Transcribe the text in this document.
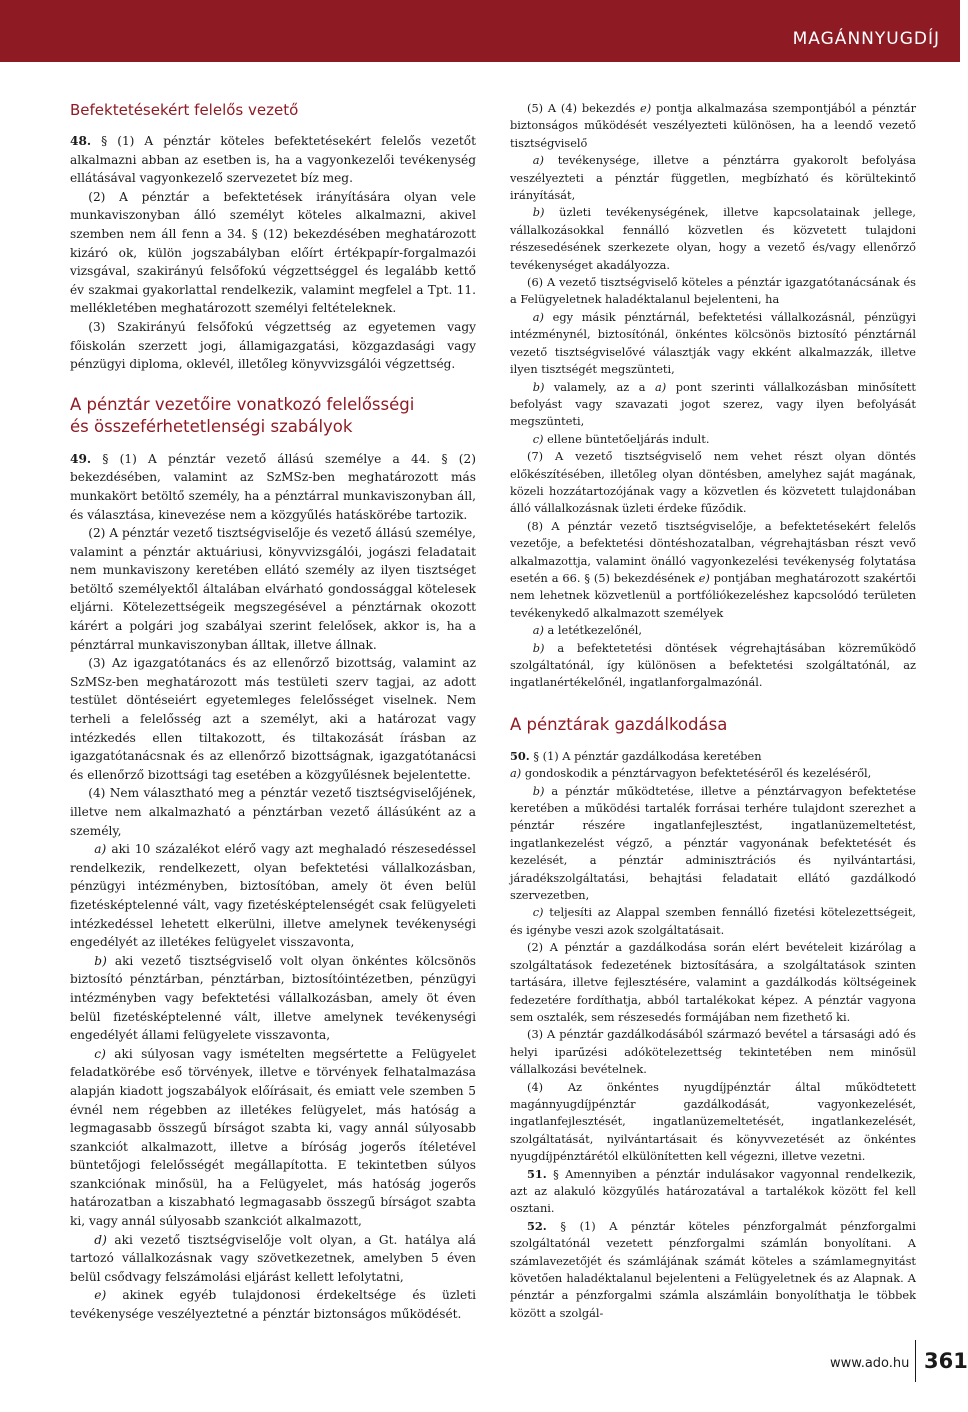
MAGÁNNYUGDÍJ
Befektetésekért felelős vezető

48. § (1) A pénztár köteles befektetésekért felelős vezetőt alkalmazni abban az esetben is, ha a vagyonkezelői tevékenység ellátásával vagyonkezelő szervezetet bíz meg.

(2) A pénztár a befektetések irányítására olyan vele munkaviszonyban álló személyt köteles alkalmazni, akivel szemben nem áll fenn a 34. § (12) bekezdésében meghatározott kizáró ok, külön jogszabályban előírt értékpapír-forgalmazói vizsgával, szakirányú felsőfokú végzettséggel és legalább kettő év szakmai gyakorlattal rendelkezik, valamint megfelel a Tpt. 11. mellékletében meghatározott személyi feltételeknek.

(3) Szakirányú felsőfokú végzettség az egyetemen vagy főiskolán szerzett jogi, államigazgatási, közgazdasági vagy pénzügyi diploma, oklevél, illetőleg könyvvizsgálói végzettség.

A pénztár vezetőire vonatkozó felelősségi
és összeférhetetlenségi szabályok

49. § (1) A pénztár vezető állású személye a 44. § (2) bekezdésében, valamint az SzMSz-ben meghatározott más munkakört betöltő személy, ha a pénztárral munkaviszonyban áll, és választása, kinevezése nem a közgyűlés hatáskörébe tartozik.

(2) A pénztár vezető tisztségviselője és vezető állású személye, valamint a pénztár aktuáriusi, könyvvizsgálói, jogászi feladatait nem munkaviszony keretében ellátó személy az ilyen tisztséget betöltő személyektől általában elvárható gondossággal kötelesek eljárni. Kötelezettségeik megszegésével a pénztárnak okozott kárért a polgári jog szabályai szerint felelősek, akkor is, ha a pénztárral munkaviszonyban álltak, illetve állnak.

(3) Az igazgatótanács és az ellenőrző bizottság, valamint az SzMSz-ben meghatározott más testületi szerv tagjai, az adott testület döntéseiért egyetemleges felelősséget viselnek. Nem terheli a felelősség azt a személyt, aki a határozat vagy intézkedés ellen tiltakozott, és tiltakozását írásban az igazgatótanácsnak és az ellenőrző bizottságnak, igazgatótanácsi és ellenőrző bizottsági tag esetében a közgyűlésnek bejelentette.

(4) Nem választható meg a pénztár vezető tisztségviselőjének, illetve nem alkalmazható a pénztárban vezető állásúként az a személy,

a) aki 10 százalékot elérő vagy azt meghaladó részesedéssel rendelkezik, rendelkezett, olyan befektetési vállalkozásban, pénzügyi intézményben, biztosítóban, amely öt éven belül fizetésképtelenné vált, vagy fizetésképtelenségét csak felügyeleti intézkedéssel lehetett elkerülni, illetve amelynek tevékenységi engedélyét az illetékes felügyelet visszavonta,

b) aki vezető tisztségviselő volt olyan önkéntes kölcsönös biztosító pénztárban, pénztárban, biztosítóintézetben, pénzügyi intézményben vagy befektetési vállalkozásban, amely öt éven belül fizetésképtelenné vált, illetve amelynek tevékenységi engedélyét állami felügyelete visszavonta,

c) aki súlyosan vagy ismételten megsértette a Felügyelet feladatkörébe eső törvények, illetve e törvények felhatalmazása alapján kiadott jogszabályok előírásait, és emiatt vele szemben 5 évnél nem régebben az illetékes felügyelet, más hatóság a legmagasabb összegű bírságot szabta ki, vagy annál súlyosabb szankciót alkalmazott, illetve a bíróság jogerős ítéletével büntetőjogi felelősségét megállapította. E tekintetben súlyos szankciónak minősül, ha a Felügyelet, más hatóság jogerős határozatban a kiszabható legmagasabb összegű bírságot szabta ki, vagy annál súlyosabb szankciót alkalmazott,

d) aki vezető tisztségviselője volt olyan, a Gt. hatálya alá tartozó vállalkozásnak vagy szövetkezetnek, amelyben 5 éven belül csődvagy felszámolási eljárást kellett lefolytatni,

e) akinek egyéb tulajdonosi érdekeltsége és üzleti tevékenysége veszélyeztetné a pénztár biztonságos működését.

(5) A (4) bekezdés e) pontja alkalmazása szempontjából a pénztár biztonságos működését veszélyezteti különösen, ha a leendő vezető tisztségviselő

a) tevékenysége, illetve a pénztárra gyakorolt befolyása veszélyezteti a pénztár független, megbízható és körültekintő irányítását,

b) üzleti tevékenységének, illetve kapcsolatainak jellege, vállalkozásokkal fennálló közvetlen és közvetett tulajdoni részesedésének szerkezete olyan, hogy a vezető és/vagy ellenőrző tevékenységet akadályozza.

(6) A vezető tisztségviselő köteles a pénztár igazgatótanácsának és a Felügyeletnek haladéktalanul bejelenteni, ha

a) egy másik pénztárnál, befektetési vállalkozásnál, pénzügyi intézménynél, biztosítónál, önkéntes kölcsönös biztosító pénztárnál vezető tisztségviselővé választják vagy ekként alkalmazzák, illetve ilyen tisztségét megszünteti,

b) valamely, az a a) pont szerinti vállalkozásban minősített befolyást vagy szavazati jogot szerez, vagy ilyen befolyását megszünteti,

c) ellene büntetőeljárás indult.

(7) A vezető tisztségviselő nem vehet részt olyan döntés előkészítésében, illetőleg olyan döntésben, amelyhez saját magának, közeli hozzátartozójának vagy a közvetlen és közvetett tulajdonában álló vállalkozásnak üzleti érdeke fűződik.

(8) A pénztár vezető tisztségviselője, a befektetésekért felelős vezetője, a befektetési döntéshozatalban, végrehajtásban részt vevő alkalmazottja, valamint önálló vagyonkezelési tevékenység folytatása esetén a 66. § (5) bekezdésének e) pontjában meghatározott szakértői nem lehetnek közvetlenül a portfóliókezeléshez kapcsolódó területen tevékenykedő alkalmazott személyek

a) a letétkezelőnél,

b) a befektetetési döntések végrehajtásában közreműködő szolgáltatónál, így különösen a befektetési szolgáltatónál, az ingatlanértékelőnél, ingatlanforgalmazónál.

A pénztárak gazdálkodása

50. § (1) A pénztár gazdálkodása keretében

a) gondoskodik a pénztárvagyon befektetéséről és kezeléséről,

b) a pénztár működtetése, illetve a pénztárvagyon befektetése keretében a működési tartalék forrásai terhére tulajdont szerezhet a pénztár részére ingatlanfejlesztést, ingatlanüzemeltetést, ingatlankezelést végző, a pénztár vagyonának befektetését és kezelését, a pénztár adminisztrációs és nyilvántartási, járadékszolgáltatási, behajtási feladatait ellátó gazdálkodó szervezetben,

c) teljesíti az Alappal szemben fennálló fizetési kötelezettségeit, és igénybe veszi azok szolgáltatásait.

(2) A pénztár a gazdálkodása során elért bevételeit kizárólag a szolgáltatások fedezetének biztosítására, a szolgáltatások szinten tartására, illetve fejlesztésére, valamint a gazdálkodás költségeinek fedezetére fordíthatja, abból tartalékokat képez. A pénztár vagyona sem osztalék, sem részesedés formájában nem fizethető ki.

(3) A pénztár gazdálkodásából származó bevétel a társasági adó és helyi iparűzési adókötelezettség tekintetében nem minősül vállalkozási bevételnek.

(4) Az önkéntes nyugdíjpénztár által működtetett magánnyugdíjpénztár gazdálkodását, vagyonkezelését, ingatlanfejlesztését, ingatlanüzemeltetését, ingatlankezelését, szolgáltatását, nyilvántartásait és könyvvezetését az önkéntes nyugdíjpénztárétól elkülönítetten kell végezni, illetve vezetni.

51. § Amennyiben a pénztár indulásakor vagyonnal rendelkezik, azt az alakuló közgyűlés határozatával a tartalékok között fel kell osztani.

52. § (1) A pénztár köteles pénzforgalmát pénzforgalmi szolgáltatónál vezetett pénzforgalmi számlán bonyolítani. A számlavezetőjét és számlájának számát köteles a számlamegnyitást követően haladéktalanul bejelenteni a Felügyeletnek és az Alapnak. A pénztár a pénzforgalmi számla alszámláin bonyolíthatja le többek között a szolgál-

www.ado.hu 361
